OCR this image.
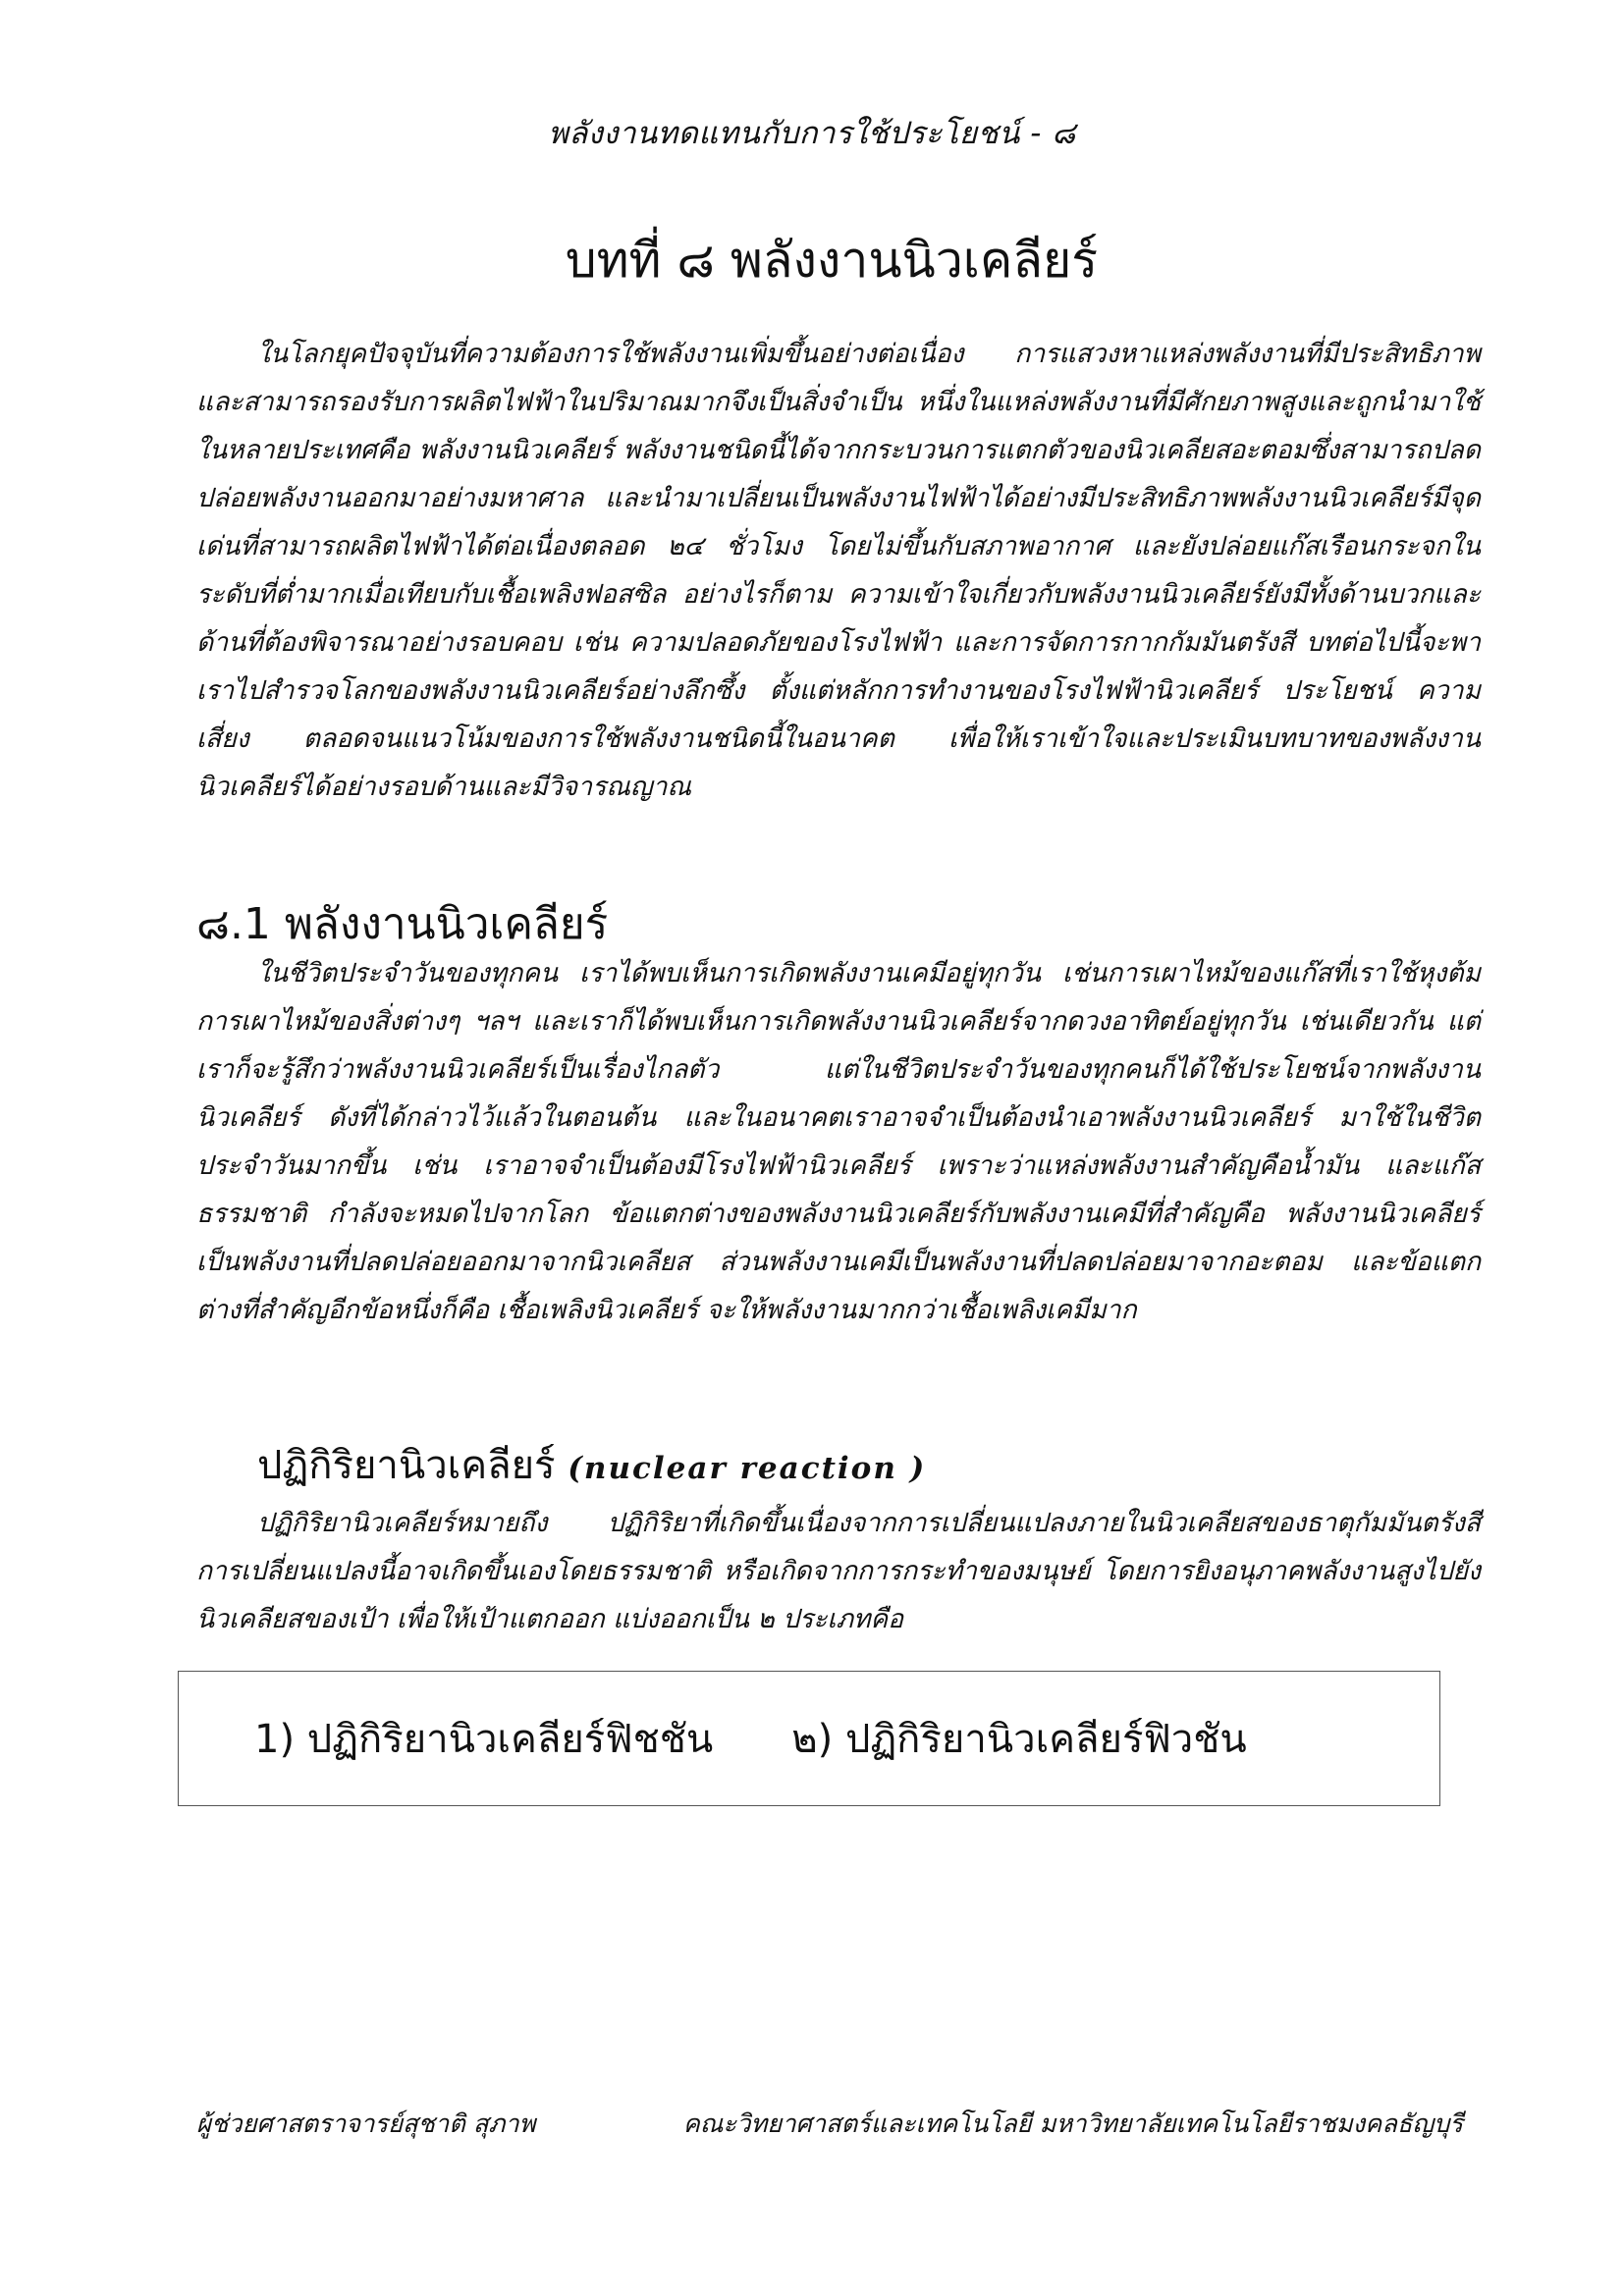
พลังงานทดแทนกับการใช้ประโยชน์ - ๘
บทที่ ๘ พลังงานนิวเคลียร์

ในโลกยุคปัจจุบันที่ความต้องการใช้พลังงานเพิ่มขึ้นอย่างต่อเนื่อง การแสวงหาแหล่งพลังงานที่มีประสิทธิภาพและสามารถรองรับการผลิตไฟฟ้าในปริมาณมากจึงเป็นสิ่งจำเป็น หนึ่งในแหล่งพลังงานที่มีศักยภาพสูงและถูกนำมาใช้ในหลายประเทศคือ พลังงานนิวเคลียร์ พลังงานชนิดนี้ได้จากกระบวนการแตกตัวของนิวเคลียสอะตอมซึ่งสามารถปลดปล่อยพลังงานออกมาอย่างมหาศาล และนำมาเปลี่ยนเป็นพลังงานไฟฟ้าได้อย่างมีประสิทธิภาพพลังงานนิวเคลียร์มีจุดเด่นที่สามารถผลิตไฟฟ้าได้ต่อเนื่องตลอด ๒๔ ชั่วโมง โดยไม่ขึ้นกับสภาพอากาศ และยังปล่อยแก๊สเรือนกระจกในระดับที่ต่ำมากเมื่อเทียบกับเชื้อเพลิงฟอสซิล อย่างไรก็ตาม ความเข้าใจเกี่ยวกับพลังงานนิวเคลียร์ยังมีทั้งด้านบวกและด้านที่ต้องพิจารณาอย่างรอบคอบ เช่น ความปลอดภัยของโรงไฟฟ้า และการจัดการกากกัมมันตรังสี บทต่อไปนี้จะพาเราไปสำรวจโลกของพลังงานนิวเคลียร์อย่างลึกซึ้ง ตั้งแต่หลักการทำงานของโรงไฟฟ้านิวเคลียร์ ประโยชน์ ความเสี่ยง ตลอดจนแนวโน้มของการใช้พลังงานชนิดนี้ในอนาคต เพื่อให้เราเข้าใจและประเมินบทบาทของพลังงานนิวเคลียร์ได้อย่างรอบด้านและมีวิจารณญาณ

๘.1 พลังงานนิวเคลียร์

ในชีวิตประจำวันของทุกคน เราได้พบเห็นการเกิดพลังงานเคมีอยู่ทุกวัน เช่นการเผาไหม้ของแก๊สที่เราใช้หุงต้ม การเผาไหม้ของสิ่งต่างๆ ฯลฯ และเราก็ได้พบเห็นการเกิดพลังงานนิวเคลียร์จากดวงอาทิตย์อยู่ทุกวัน เช่นเดียวกัน แต่เราก็จะรู้สึกว่าพลังงานนิวเคลียร์เป็นเรื่องไกลตัว แต่ในชีวิตประจำวันของทุกคนก็ได้ใช้ประโยชน์จากพลังงานนิวเคลียร์ ดังที่ได้กล่าวไว้แล้วในตอนต้น และในอนาคตเราอาจจำเป็นต้องนำเอาพลังงานนิวเคลียร์ มาใช้ในชีวิตประจำวันมากขึ้น เช่น เราอาจจำเป็นต้องมีโรงไฟฟ้านิวเคลียร์ เพราะว่าแหล่งพลังงานสำคัญคือน้ำมัน และแก๊สธรรมชาติ กำลังจะหมดไปจากโลก ข้อแตกต่างของพลังงานนิวเคลียร์กับพลังงานเคมีที่สำคัญคือ พลังงานนิวเคลียร์ เป็นพลังงานที่ปลดปล่อยออกมาจากนิวเคลียส ส่วนพลังงานเคมีเป็นพลังงานที่ปลดปล่อยมาจากอะตอม และข้อแตกต่างที่สำคัญอีกข้อหนึ่งก็คือ เชื้อเพลิงนิวเคลียร์ จะให้พลังงานมากกว่าเชื้อเพลิงเคมีมาก

ปฏิกิริยานิวเคลียร์ (nuclear reaction )

ปฏิกิริยานิวเคลียร์หมายถึง ปฏิกิริยาที่เกิดขึ้นเนื่องจากการเปลี่ยนแปลงภายในนิวเคลียสของธาตุกัมมันตรังสี การเปลี่ยนแปลงนี้อาจเกิดขึ้นเองโดยธรรมชาติ หรือเกิดจากการกระทำของมนุษย์ โดยการยิงอนุภาคพลังงานสูงไปยังนิวเคลียสของเป้า เพื่อให้เป้าแตกออก แบ่งออกเป็น ๒ ประเภทคือ

1) ปฏิกิริยานิวเคลียร์ฟิชชัน ๒) ปฏิกิริยานิวเคลียร์ฟิวชัน
ผู้ช่วยศาสตราจารย์สุชาติ สุภาพ	คณะวิทยาศาสตร์และเทคโนโลยี มหาวิทยาลัยเทคโนโลยีราชมงคลธัญบุรี
